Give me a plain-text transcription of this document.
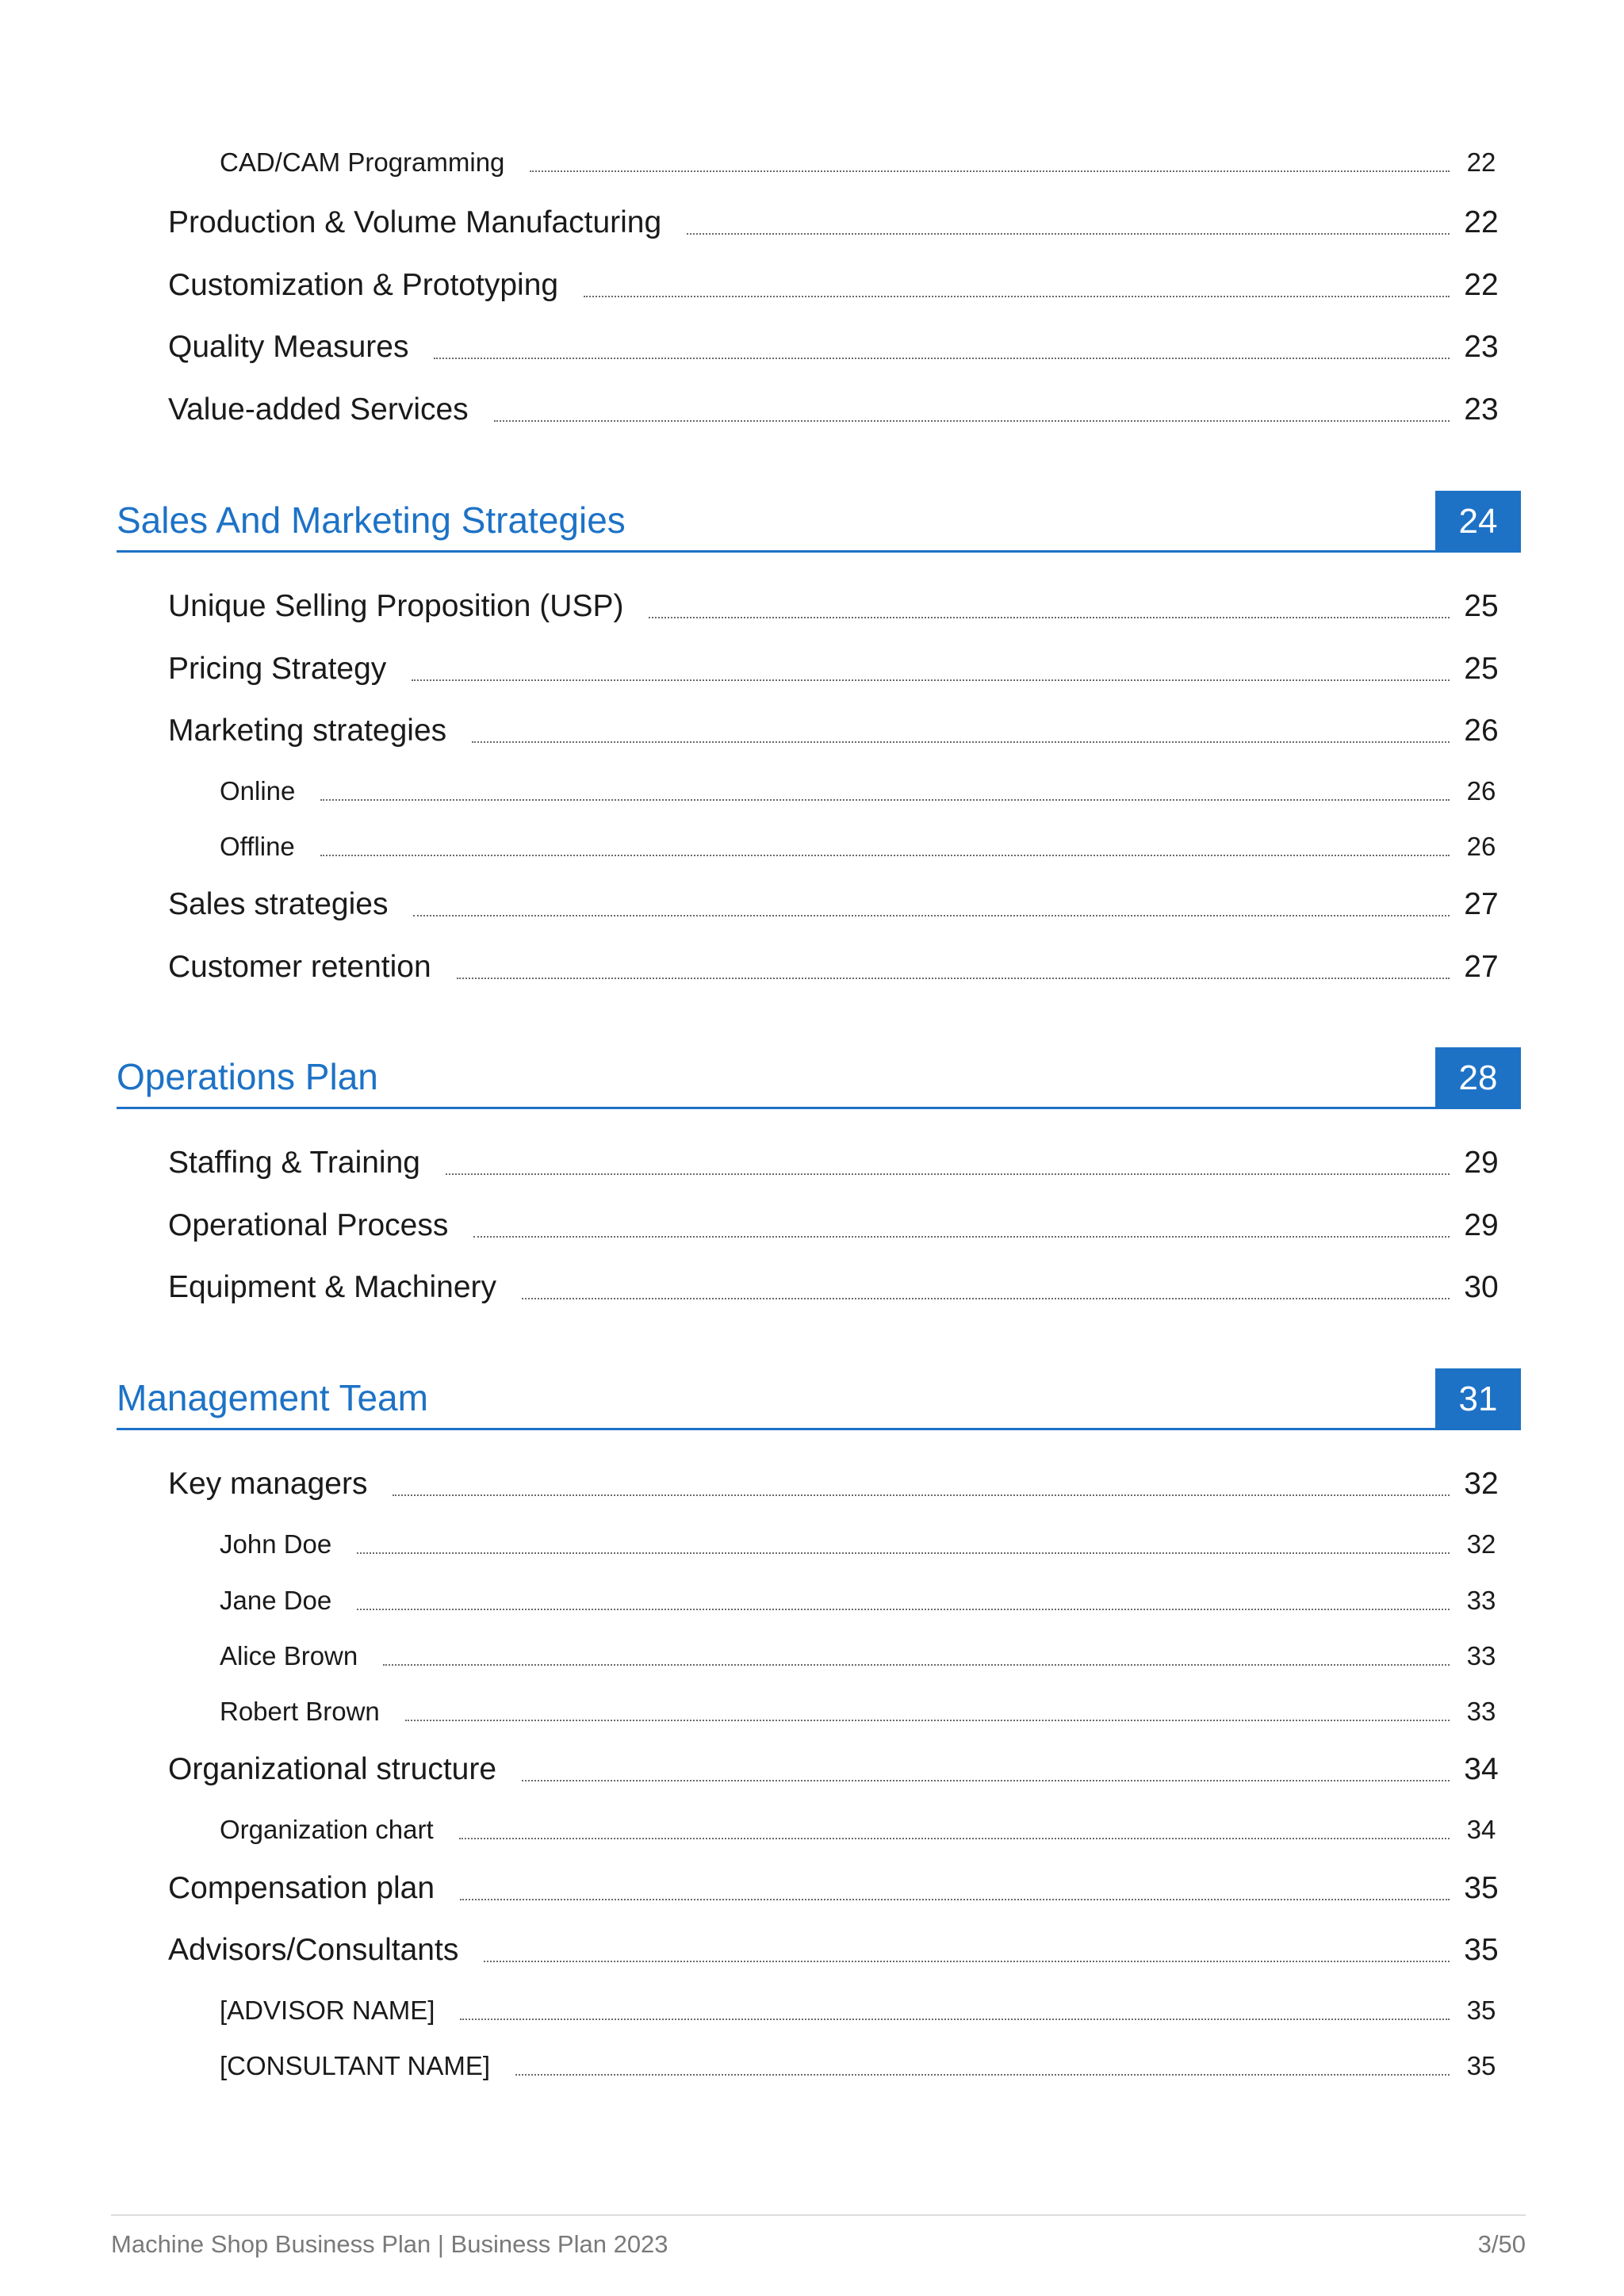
CAD/CAM Programming	22
Production & Volume Manufacturing	22
Customization & Prototyping	22
Quality Measures	23
Value-added Services	23
Sales And Marketing Strategies	24
Unique Selling Proposition (USP)	25
Pricing Strategy	25
Marketing strategies	26
Online	26
Offline	26
Sales strategies	27
Customer retention	27
Operations Plan	28
Staffing & Training	29
Operational Process	29
Equipment & Machinery	30
Management Team	31
Key managers	32
John Doe	32
Jane Doe	33
Alice Brown	33
Robert Brown	33
Organizational structure	34
Organization chart	34
Compensation plan	35
Advisors/Consultants	35
[ADVISOR NAME]	35
[CONSULTANT NAME]	35
Machine Shop Business Plan | Business Plan 2023	3/50
